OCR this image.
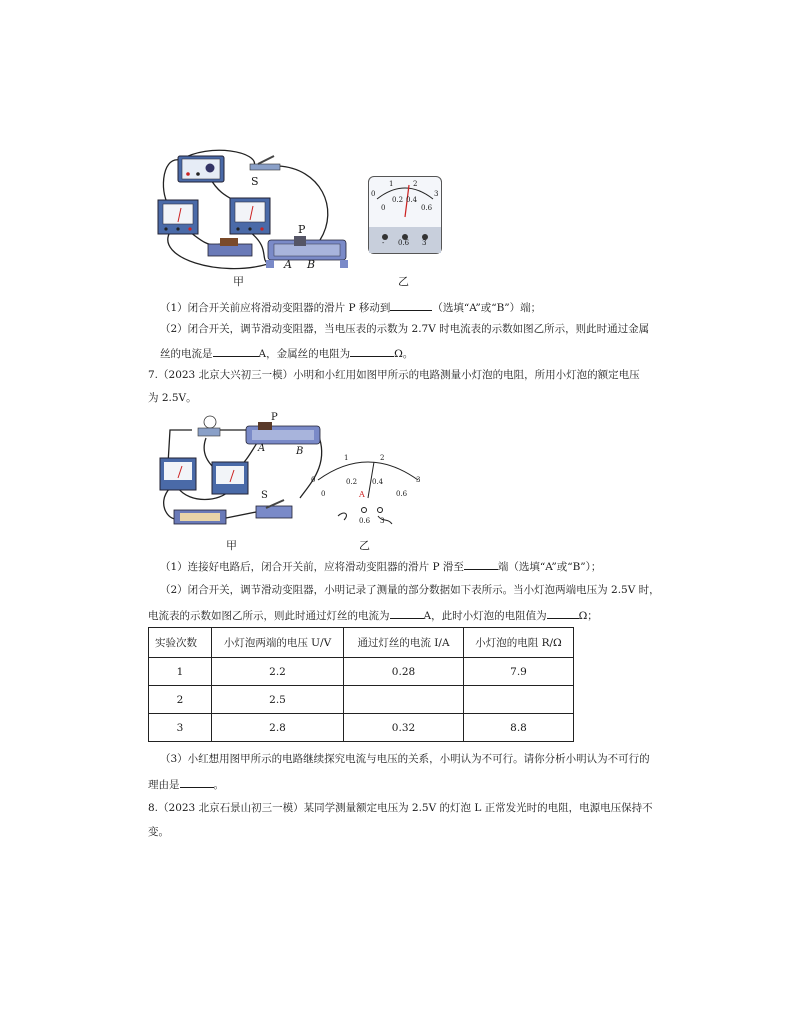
S
P
A B
甲
0
1	2
3
0
0.2 0.4
0.6
- 0.6 3
乙
（1）闭合开关前应将滑动变阻器的滑片 P 移动到	（选填“A”或“B”）端；
（2）闭合开关，调节滑动变阻器，当电压表的示数为 2.7V 时电流表的示数如图乙所示，则此时通过金属
丝的电流是	A，金属丝的电阻为	Ω。
7.（2023 北京大兴初三一模）小明和小红用如图甲所示的电路测量小灯泡的电阻，所用小灯泡的额定电压
为 2.5V。
P
A	B
S
甲
0
1	2
3
0
0.2 0.4
0.6
A
0.6 3
乙
（1）连接好电路后，闭合开关前，应将滑动变阻器的滑片 P 滑至	端（选填“A”或“B”）；
（2）闭合开关，调节滑动变阻器，小明记录了测量的部分数据如下表所示。当小灯泡两端电压为 2.5V 时，
电流表的示数如图乙所示，则此时通过灯丝的电流为	A，此时小灯泡的电阻值为	Ω；
实验次数	小灯泡两端的电压 U/V	通过灯丝的电流 I/A	小灯泡的电阻 R/Ω
1	2.2	0.28	7.9
2	2.5		
3	2.8	0.32	8.8
（3）小红想用图甲所示的电路继续探究电流与电压的关系，小明认为不可行。请你分析小明认为不可行的
理由是	。
8.（2023 北京石景山初三一模）某同学测量额定电压为 2.5V 的灯泡 L 正常发光时的电阻，电源电压保持不
变。
